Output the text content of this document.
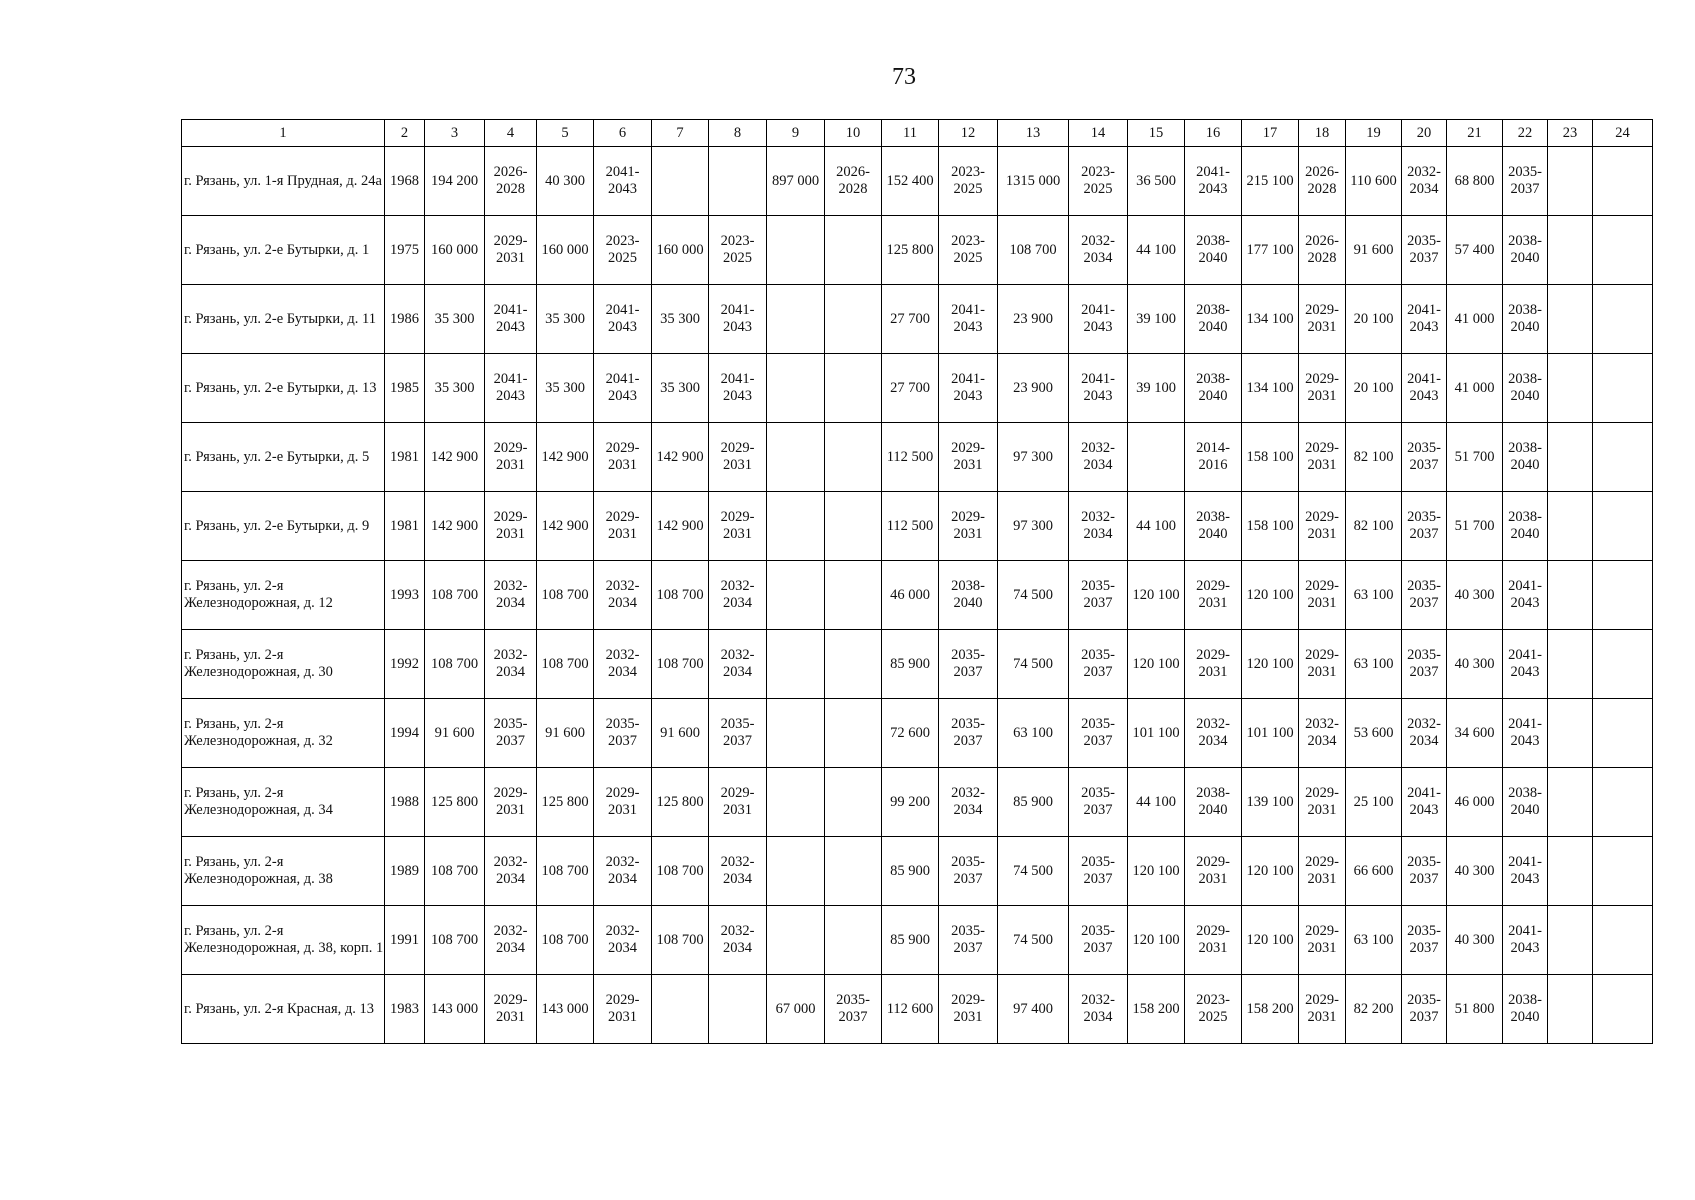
73
1	2	3	4	5	6	7	8	9	10	11	12	13	14	15	16	17	18	19	20	21	22	23	24
г. Рязань, ул. 1-я Прудная, д. 24а	1968	194 200	2026-2028	40 300	2041-2043			897 000	2026-2028	152 400	2023-2025	1315 000	2023-2025	36 500	2041-2043	215 100	2026-2028	110 600	2032-2034	68 800	2035-2037		
г. Рязань, ул. 2-е Бутырки, д. 1	1975	160 000	2029-2031	160 000	2023-2025	160 000	2023-2025			125 800	2023-2025	108 700	2032-2034	44 100	2038-2040	177 100	2026-2028	91 600	2035-2037	57 400	2038-2040		
г. Рязань, ул. 2-е Бутырки, д. 11	1986	35 300	2041-2043	35 300	2041-2043	35 300	2041-2043			27 700	2041-2043	23 900	2041-2043	39 100	2038-2040	134 100	2029-2031	20 100	2041-2043	41 000	2038-2040		
г. Рязань, ул. 2-е Бутырки, д. 13	1985	35 300	2041-2043	35 300	2041-2043	35 300	2041-2043			27 700	2041-2043	23 900	2041-2043	39 100	2038-2040	134 100	2029-2031	20 100	2041-2043	41 000	2038-2040		
г. Рязань, ул. 2-е Бутырки, д. 5	1981	142 900	2029-2031	142 900	2029-2031	142 900	2029-2031			112 500	2029-2031	97 300	2032-2034		2014-2016	158 100	2029-2031	82 100	2035-2037	51 700	2038-2040		
г. Рязань, ул. 2-е Бутырки, д. 9	1981	142 900	2029-2031	142 900	2029-2031	142 900	2029-2031			112 500	2029-2031	97 300	2032-2034	44 100	2038-2040	158 100	2029-2031	82 100	2035-2037	51 700	2038-2040		
г. Рязань, ул. 2-я Железнодорожная, д. 12	1993	108 700	2032-2034	108 700	2032-2034	108 700	2032-2034			46 000	2038-2040	74 500	2035-2037	120 100	2029-2031	120 100	2029-2031	63 100	2035-2037	40 300	2041-2043		
г. Рязань, ул. 2-я Железнодорожная, д. 30	1992	108 700	2032-2034	108 700	2032-2034	108 700	2032-2034			85 900	2035-2037	74 500	2035-2037	120 100	2029-2031	120 100	2029-2031	63 100	2035-2037	40 300	2041-2043		
г. Рязань, ул. 2-я Железнодорожная, д. 32	1994	91 600	2035-2037	91 600	2035-2037	91 600	2035-2037			72 600	2035-2037	63 100	2035-2037	101 100	2032-2034	101 100	2032-2034	53 600	2032-2034	34 600	2041-2043		
г. Рязань, ул. 2-я Железнодорожная, д. 34	1988	125 800	2029-2031	125 800	2029-2031	125 800	2029-2031			99 200	2032-2034	85 900	2035-2037	44 100	2038-2040	139 100	2029-2031	25 100	2041-2043	46 000	2038-2040		
г. Рязань, ул. 2-я Железнодорожная, д. 38	1989	108 700	2032-2034	108 700	2032-2034	108 700	2032-2034			85 900	2035-2037	74 500	2035-2037	120 100	2029-2031	120 100	2029-2031	66 600	2035-2037	40 300	2041-2043		
г. Рязань, ул. 2-я Железнодорожная, д. 38, корп. 1	1991	108 700	2032-2034	108 700	2032-2034	108 700	2032-2034			85 900	2035-2037	74 500	2035-2037	120 100	2029-2031	120 100	2029-2031	63 100	2035-2037	40 300	2041-2043		
г. Рязань, ул. 2-я Красная, д. 13	1983	143 000	2029-2031	143 000	2029-2031			67 000	2035-2037	112 600	2029-2031	97 400	2032-2034	158 200	2023-2025	158 200	2029-2031	82 200	2035-2037	51 800	2038-2040		
